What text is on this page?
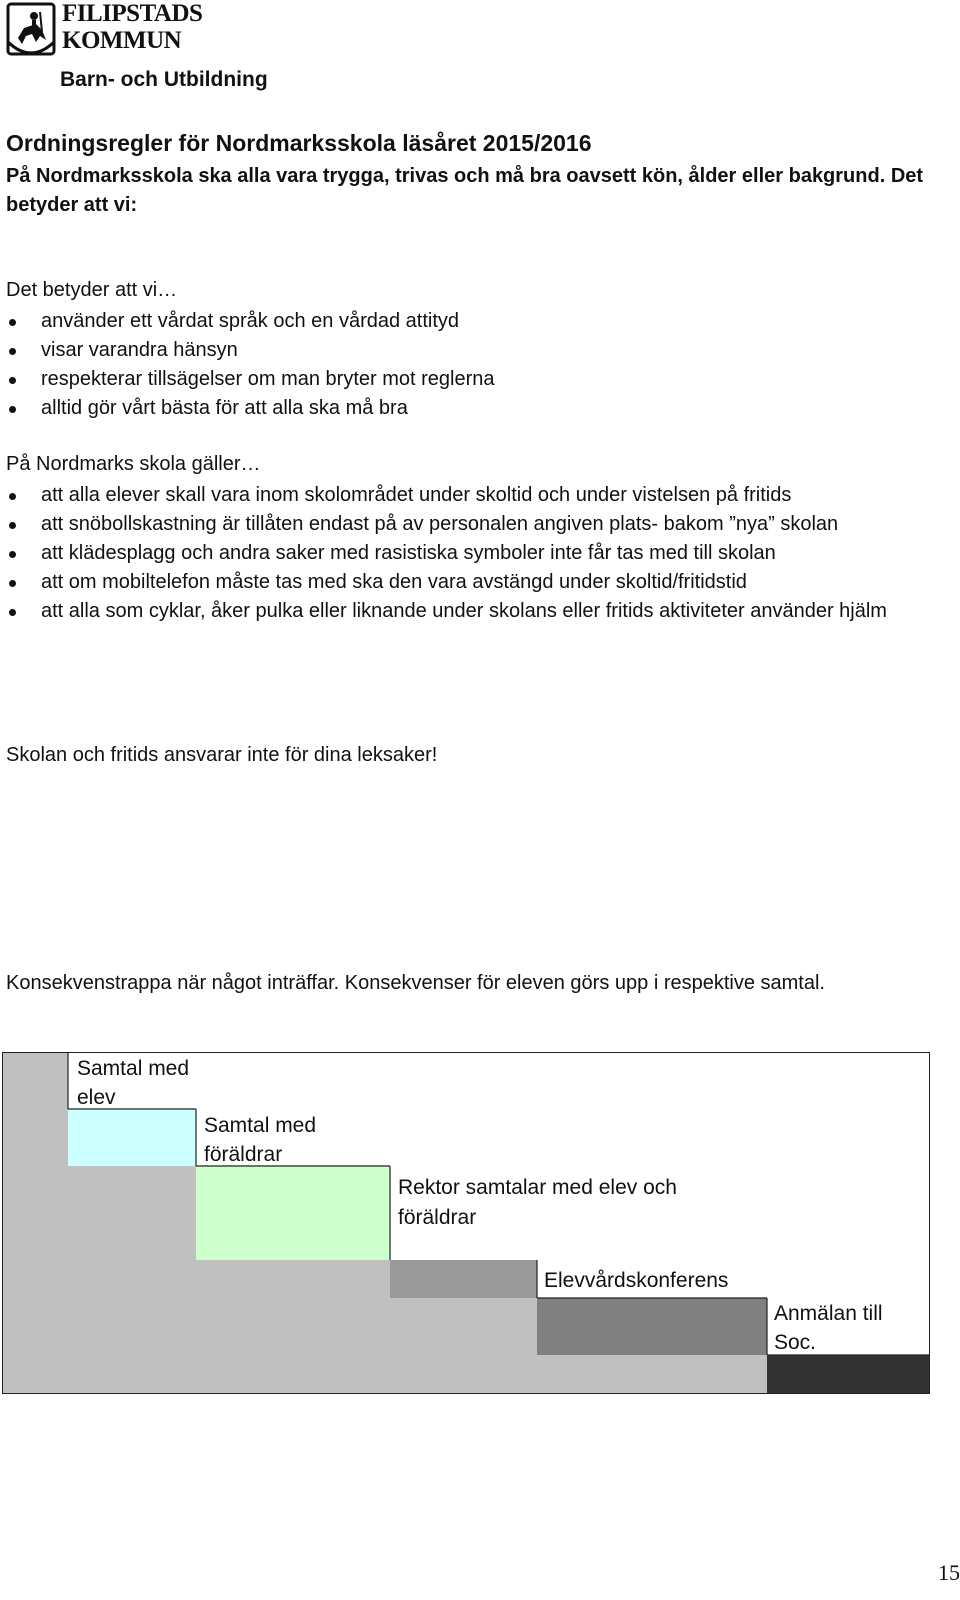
FILIPSTADS
KOMMUN
Barn- och Utbildning
Ordningsregler för Nordmarksskola läsåret 2015/2016
På Nordmarksskola ska alla vara trygga, trivas och må bra oavsett kön, ålder eller bakgrund. Det betyder att vi:
Det betyder att vi…
använder ett vårdat språk och en vårdad attityd
visar varandra hänsyn
respekterar tillsägelser om man bryter mot reglerna
alltid gör vårt bästa för att alla ska må bra
På Nordmarks skola gäller…
att alla elever skall vara inom skolområdet under skoltid och under vistelsen på fritids
att snöbollskastning är tillåten endast på av personalen angiven plats- bakom ”nya” skolan
att klädesplagg och andra saker med rasistiska symboler inte får tas med till skolan
att om mobiltelefon måste tas med ska den vara avstängd under skoltid/fritidstid
att alla som cyklar, åker pulka eller liknande under skolans eller fritids aktiviteter använder hjälm
Skolan och fritids ansvarar inte för dina leksaker!
Konsekvenstrappa när något inträffar. Konsekvenser för eleven görs upp i respektive samtal.
Samtal med elev
Samtal med föräldrar
Rektor samtalar med elev och föräldrar
Elevvårdskonferens
Anmälan till Soc.
15
